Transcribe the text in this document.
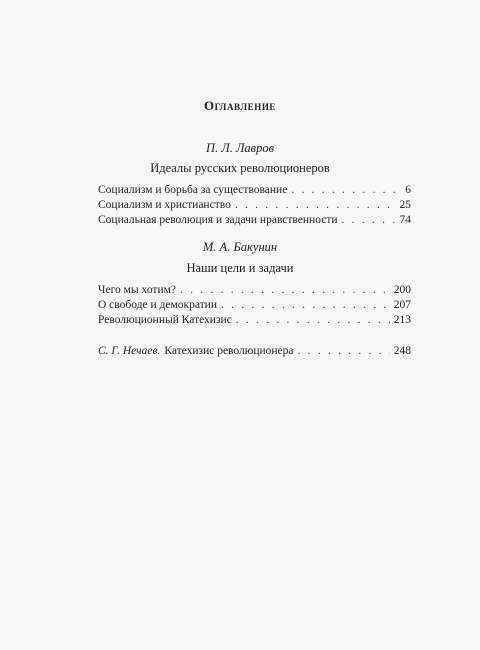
Оглавление
П. Л. Лавров
Идеалы русских революционеров
Социализм и борьба за существование . . .	6
Социализм и христианство . . .	25
Социальная революция и задачи нравственности . . .	74
М. А. Бакунин
Наши цели и задачи
Чего мы хотим? . . .	200
О свободе и демократии . . .	207
Революционный Катехизис . . .	213
С. Г. Нечаев. Катехизис революционера . . .	248
